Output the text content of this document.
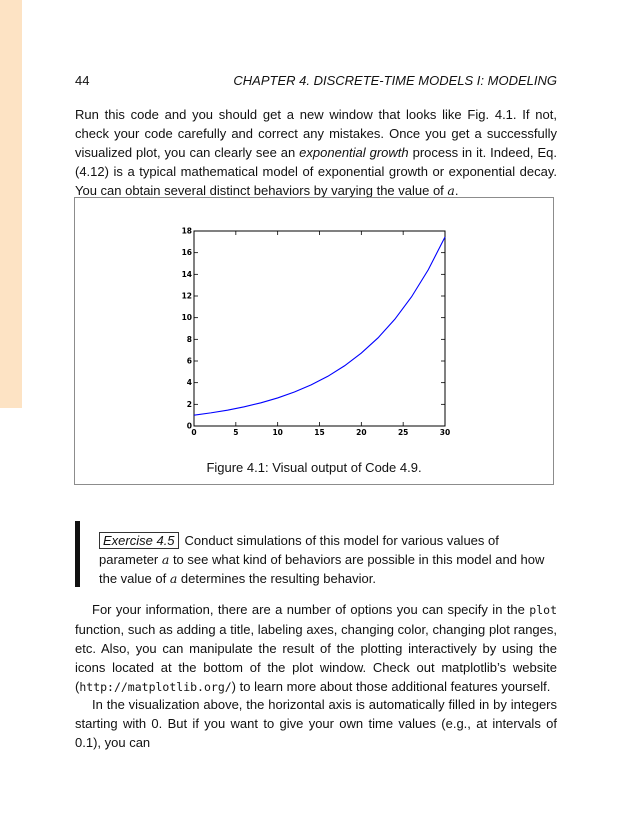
44	CHAPTER 4. DISCRETE-TIME MODELS I: MODELING

Run this code and you should get a new window that looks like Fig. 4.1. If not, check your code carefully and correct any mistakes. Once you get a successfully visualized plot, you can clearly see an exponential growth process in it. Indeed, Eq. (4.12) is a typical mathematical model of exponential growth or exponential decay. You can obtain several distinct behaviors by varying the value of a.

0	5	10	15	20	25	30
0
2
4
6
8
10
12
14
16
18
Figure 4.1: Visual output of Code 4.9.

Exercise 4.5 Conduct simulations of this model for various values of parameter a to see what kind of behaviors are possible in this model and how the value of a determines the resulting behavior.

For your information, there are a number of options you can specify in the plot function, such as adding a title, labeling axes, changing color, changing plot ranges, etc. Also, you can manipulate the result of the plotting interactively by using the icons located at the bottom of the plot window. Check out matplotlib’s website (http://matplotlib.org/) to learn more about those additional features yourself.

In the visualization above, the horizontal axis is automatically filled in by integers starting with 0. But if you want to give your own time values (e.g., at intervals of 0.1), you can
